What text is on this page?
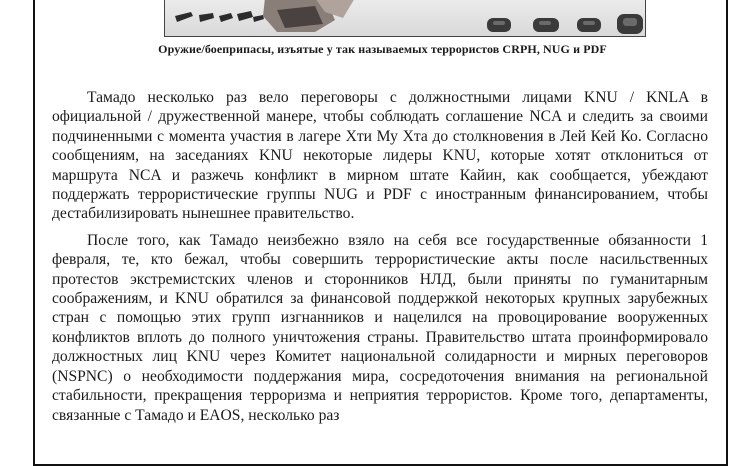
Оружие/боеприпасы, изъятые у так называемых террористов CRPH, NUG и PDF

Тамадо несколько раз вело переговоры с должностными лицами KNU / KNLA в официальной / дружественной манере, чтобы соблюдать соглашение NCA и следить за своими подчиненными с момента участия в лагере Хти Му Хта до столкновения в Лей Кей Ко. Согласно сообщениям, на заседаниях KNU некоторые лидеры KNU, которые хотят отклониться от маршрута NCA и разжечь конфликт в мирном штате Кайин, как сообщается, убеждают поддержать террористические группы NUG и PDF с иностранным финансированием, чтобы дестабилизировать нынешнее правительство.

После того, как Тамадо неизбежно взяло на себя все государственные обязанности 1 февраля, те, кто бежал, чтобы совершить террористические акты после насильственных протестов экстремистских членов и сторонников НЛД, были приняты по гуманитарным соображениям, и KNU обратился за финансовой поддержкой некоторых крупных зарубежных стран с помощью этих групп изгнанников и нацелился на провоцирование вооруженных конфликтов вплоть до полного уничтожения страны. Правительство штата проинформировало должностных лиц KNU через Комитет национальной солидарности и мирных переговоров (NSPNC) о необходимости поддержания мира, сосредоточения внимания на региональной стабильности, прекращения терроризма и неприятия террористов. Кроме того, департаменты, связанные с Тамадо и EAOS, несколько раз
